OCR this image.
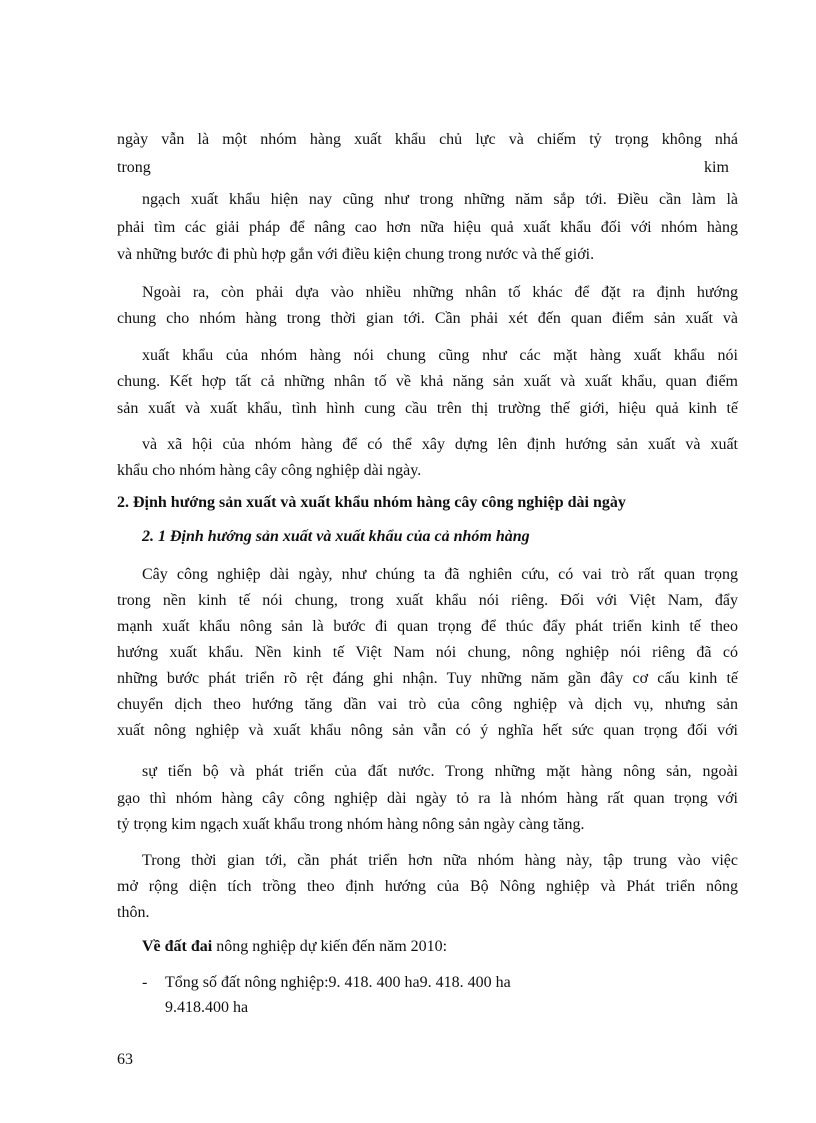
ngày vẫn là một nhóm hàng xuất khẩu chủ lực và chiếm tỷ trọng không nhá
trong	kim
ngạch xuất khẩu hiện nay cũng như trong những năm sắp tới. Điều cần làm là
phải tìm các giải pháp để nâng cao hơn nữa hiệu quả xuất khẩu đối với nhóm hàng
và những bước đi phù hợp gắn với điều kiện chung trong nước và thế giới.
Ngoài ra, còn phải dựa vào nhiều những nhân tố khác để đặt ra định hướng
chung cho nhóm hàng trong thời gian tới. Cần phải xét đến quan điểm sản xuất và
xuất khẩu của nhóm hàng nói chung cũng như các mặt hàng xuất khẩu nói
chung. Kết hợp tất cả những nhân tố về khả năng sản xuất và xuất khẩu, quan điểm
sản xuất và xuất khẩu, tình hình cung cầu trên thị trường thế giới, hiệu quả kinh tế
và xã hội của nhóm hàng để có thể xây dựng lên định hướng sản xuất và xuất
khẩu cho nhóm hàng cây công nghiệp dài ngày.
2. Định hướng sản xuất và xuất khẩu nhóm hàng cây công nghiệp dài ngày
2. 1 Định hướng sản xuất và xuất khẩu của cả nhóm hàng
Cây công nghiệp dài ngày, như chúng ta đã nghiên cứu, có vai trò rất quan trọng
trong nền kinh tế nói chung, trong xuất khẩu nói riêng. Đối với Việt Nam, đẩy
mạnh xuất khẩu nông sản là bước đi quan trọng để thúc đẩy phát triển kinh tế theo
hướng xuất khẩu. Nền kinh tế Việt Nam nói chung, nông nghiệp nói riêng đã có
những bước phát triển rõ rệt đáng ghi nhận. Tuy những năm gần đây cơ cấu kinh tế
chuyển dịch theo hướng tăng dần vai trò của công nghiệp và dịch vụ, nhưng sản
xuất nông nghiệp và xuất khẩu nông sản vẫn có ý nghĩa hết sức quan trọng đối với
sự tiến bộ và phát triển của đất nước. Trong những mặt hàng nông sản, ngoài
gạo thì nhóm hàng cây công nghiệp dài ngày tỏ ra là nhóm hàng rất quan trọng với
tỷ trọng kim ngạch xuất khẩu trong nhóm hàng nông sản ngày càng tăng.
Trong thời gian tới, cần phát triển hơn nữa nhóm hàng này, tập trung vào việc
mở rộng diện tích trồng theo định hướng của Bộ Nông nghiệp và Phát triển nông
thôn.
Về đất đai nông nghiệp dự kiến đến năm 2010:
- Tổng số đất nông nghiệp:9. 418. 400 ha9. 418. 400 ha
9.418.400 ha
63
